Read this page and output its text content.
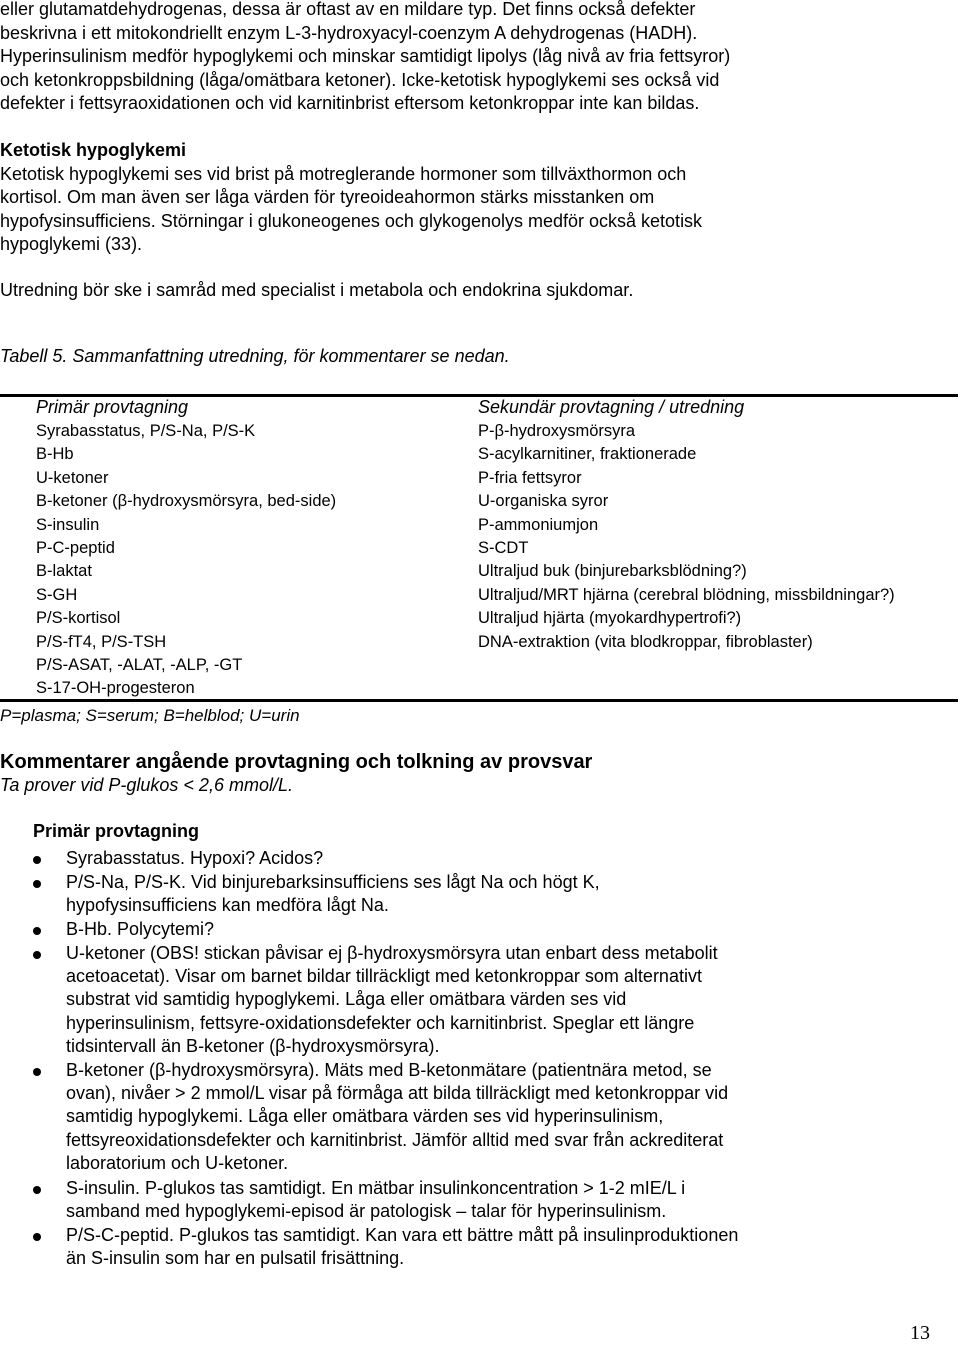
eller glutamatdehydrogenas, dessa är oftast av en mildare typ. Det finns också defekter
beskrivna i ett mitokondriellt enzym L-3-hydroxyacyl-coenzym A dehydrogenas (HADH).
Hyperinsulinism medför hypoglykemi och minskar samtidigt lipolys (låg nivå av fria fettsyror)
och ketonkroppsbildning (låga/omätbara ketoner). Icke-ketotisk hypoglykemi ses också vid
defekter i fettsyraoxidationen och vid karnitinbrist eftersom ketonkroppar inte kan bildas.
Ketotisk hypoglykemi
Ketotisk hypoglykemi ses vid brist på motreglerande hormoner som tillväxthormon och
kortisol. Om man även ser låga värden för tyreoideahormon stärks misstanken om
hypofysinsufficiens. Störningar i glukoneogenes och glykogenolys medför också ketotisk
hypoglykemi (33).
Utredning bör ske i samråd med specialist i metabola och endokrina sjukdomar.
Tabell 5. Sammanfattning utredning, för kommentarer se nedan.
Primär provtagning
Syrabasstatus, P/S-Na, P/S-K
B-Hb
U-ketoner
B-ketoner (β-hydroxysmörsyra, bed-side)
S-insulin
P-C-peptid
B-laktat
S-GH
P/S-kortisol
P/S-fT4, P/S-TSH
P/S-ASAT, -ALAT, -ALP, -GT
S-17-OH-progesteron
Sekundär provtagning / utredning
P-β-hydroxysmörsyra
S-acylkarnitiner, fraktionerade
P-fria fettsyror
U-organiska syror
P-ammoniumjon
S-CDT
Ultraljud buk (binjurebarksblödning?)
Ultraljud/MRT hjärna (cerebral blödning, missbildningar?)
Ultraljud hjärta (myokardhypertrofi?)
DNA-extraktion (vita blodkroppar, fibroblaster)
P=plasma; S=serum; B=helblod; U=urin
Kommentarer angående provtagning och tolkning av provsvar
Ta prover vid P-glukos < 2,6 mmol/L.
Primär provtagning
Syrabasstatus. Hypoxi? Acidos?
P/S-Na, P/S-K. Vid binjurebarksinsufficiens ses lågt Na och högt K,
hypofysinsufficiens kan medföra lågt Na.
B-Hb. Polycytemi?
U-ketoner (OBS! stickan påvisar ej β-hydroxysmörsyra utan enbart dess metabolit
acetoacetat). Visar om barnet bildar tillräckligt med ketonkroppar som alternativt
substrat vid samtidig hypoglykemi. Låga eller omätbara värden ses vid
hyperinsulinism, fettsyre-oxidationsdefekter och karnitinbrist. Speglar ett längre
tidsintervall än B-ketoner (β-hydroxysmörsyra).
B-ketoner (β-hydroxysmörsyra). Mäts med B-ketonmätare (patientnära metod, se
ovan), nivåer > 2 mmol/L visar på förmåga att bilda tillräckligt med ketonkroppar vid
samtidig hypoglykemi. Låga eller omätbara värden ses vid hyperinsulinism,
fettsyreoxidationsdefekter och karnitinbrist. Jämför alltid med svar från ackrediterat
laboratorium och U-ketoner.
S-insulin. P-glukos tas samtidigt. En mätbar insulinkoncentration > 1-2 mIE/L i
samband med hypoglykemi-episod är patologisk – talar för hyperinsulinism.
P/S-C-peptid. P-glukos tas samtidigt. Kan vara ett bättre mått på insulinproduktionen
än S-insulin som har en pulsatil frisättning.
13
